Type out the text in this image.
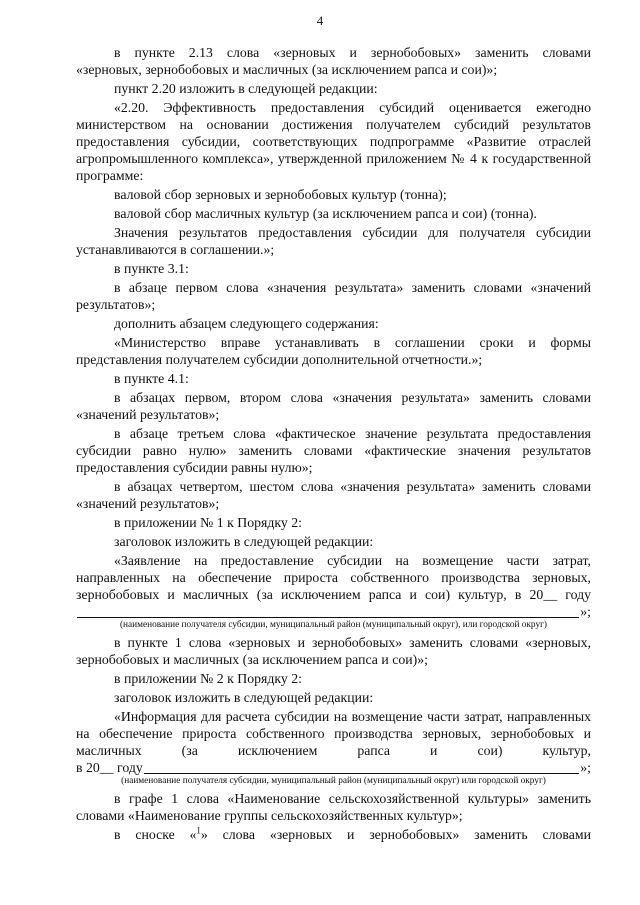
4

в пункте 2.13 слова «зерновых и зернобобовых» заменить словами

«зерновых, зернобобовых и масличных (за исключением рапса и сои)»;

пункт 2.20 изложить в следующей редакции:

«2.20. Эффективность предоставления субсидий оценивается ежегодно министерством на основании достижения получателем субсидий результатов предоставления субсидии, соответствующих подпрограмме «Развитие отраслей агропромышленного комплекса», утвержденной приложением № 4 к государственной программе:

валовой сбор зерновых и зернобобовых культур (тонна);

валовой сбор масличных культур (за исключением рапса и сои) (тонна).

Значения результатов предоставления субсидии для получателя субсидии устанавливаются в соглашении.»;

в пункте 3.1:

в абзаце первом слова «значения результата» заменить словами «значений результатов»;

дополнить абзацем следующего содержания:

«Министерство вправе устанавливать в соглашении сроки и формы представления получателем субсидии дополнительной отчетности.»;

в пункте 4.1:

в абзацах первом, втором слова «значения результата» заменить словами «значений результатов»;

в абзаце третьем слова «фактическое значение результата предоставления субсидии равно нулю» заменить словами «фактические значения результатов предоставления субсидии равны нулю»;

в абзацах четвертом, шестом слова «значения результата» заменить словами «значений результатов»;

в приложении № 1 к Порядку 2:

заголовок изложить в следующей редакции:

«Заявление на предоставление субсидии на возмещение части затрат, направленных на обеспечение прироста собственного производства зерновых, зернобобовых и масличных (за исключением рапса и сои) культур, в 20__ году

»;
(наименование получателя субсидии, муниципальный район (муниципальный округ), или городской округ)

в пункте 1 слова «зерновых и зернобобовых» заменить словами «зерновых, зернобобовых и масличных (за исключением рапса и сои)»;

в приложении № 2 к Порядку 2:

заголовок изложить в следующей редакции:

«Информация для расчета субсидии на возмещение части затрат, направленных на обеспечение прироста собственного производства зерновых, зернобобовых и масличных (за исключением рапса и сои) культур,

в 20__ году	»;
(наименование получателя субсидии, муниципальный район (муниципальный округ) или городской округ)

в графе 1 слова «Наименование сельскохозяйственной культуры» заменить словами «Наименование группы сельскохозяйственных культур»;

в сноске «$^1$» слова «зерновых и зернобобовых» заменить словами
